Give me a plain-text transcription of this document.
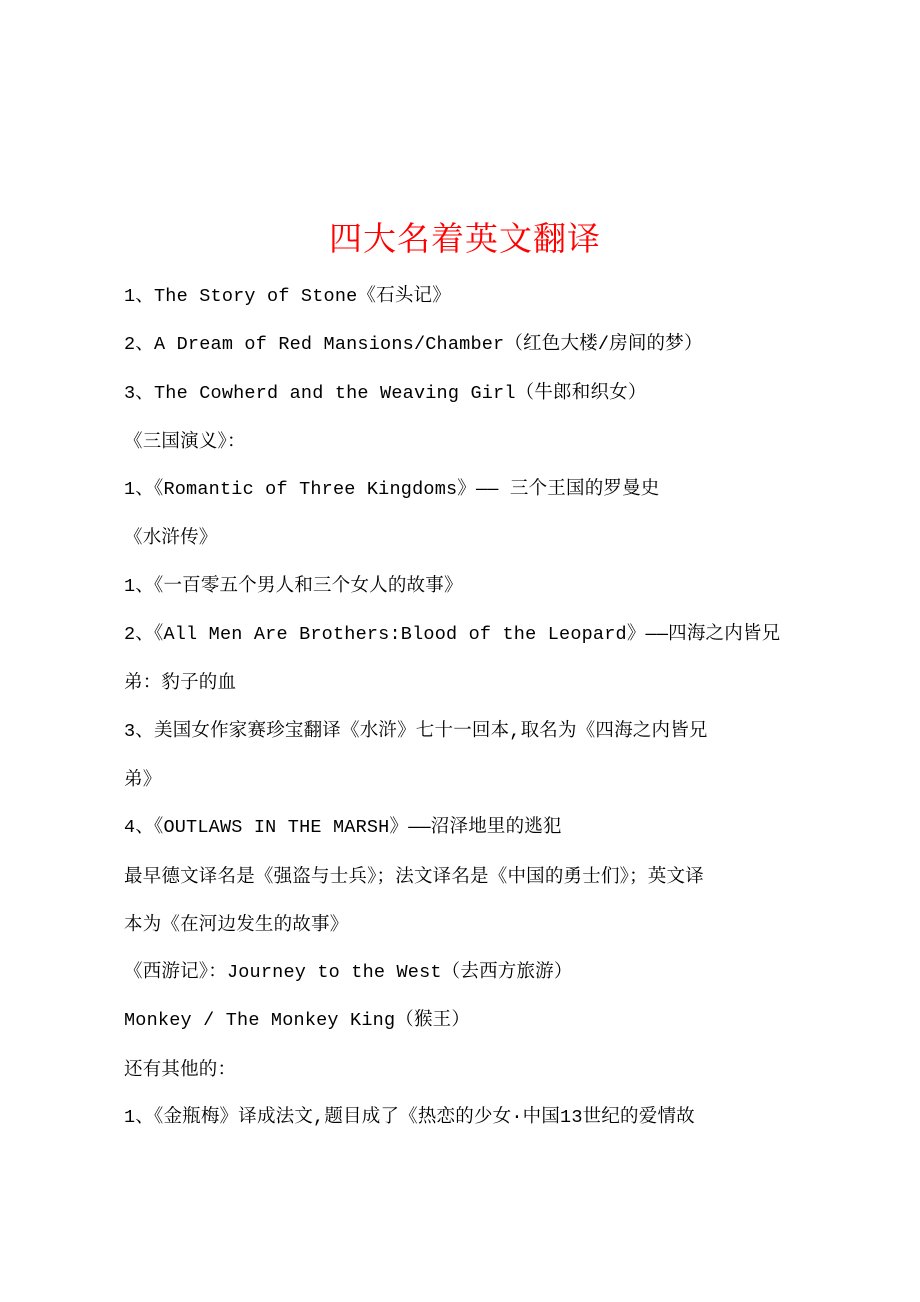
四大名着英文翻译
1、The Story of Stone《石头记》
2、A Dream of Red Mansions/Chamber（红色大楼/房间的梦）
3、The Cowherd and the Weaving Girl（牛郎和织女）
《三国演义》：
1、《Romantic of Three Kingdoms》—— 三个王国的罗曼史
《水浒传》
1、《一百零五个男人和三个女人的故事》
2、《All Men Are Brothers:Blood of the Leopard》——四海之内皆兄
弟：豹子的血
3、美国女作家赛珍宝翻译《水浒》七十一回本,取名为《四海之内皆兄
弟》
4、《OUTLAWS IN THE MARSH》——沼泽地里的逃犯
最早德文译名是《强盗与士兵》；法文译名是《中国的勇士们》；英文译
本为《在河边发生的故事》
《西游记》：Journey to the West（去西方旅游）
Monkey / The Monkey King（猴王）
还有其他的：
1、《金瓶梅》译成法文,题目成了《热恋的少女·中国13世纪的爱情故
